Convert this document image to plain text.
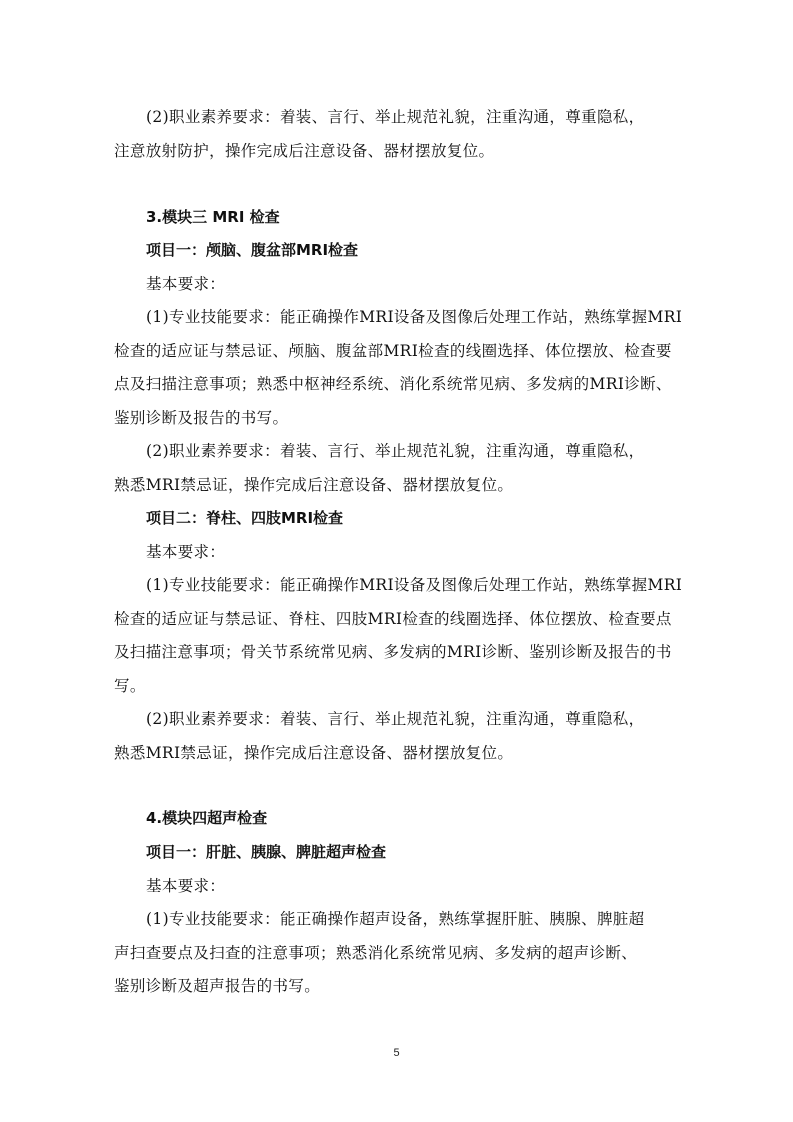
(2)职业素养要求：着装、言行、举止规范礼貌，注重沟通，尊重隐私，
注意放射防护，操作完成后注意设备、器材摆放复位。
3.模块三 MRI 检查
项目一：颅脑、腹盆部MRI检查
基本要求：
(1)专业技能要求：能正确操作MRI设备及图像后处理工作站，熟练掌握MRI
检查的适应证与禁忌证、颅脑、腹盆部MRI检查的线圈选择、体位摆放、检查要
点及扫描注意事项；熟悉中枢神经系统、消化系统常见病、多发病的MRI诊断、
鉴别诊断及报告的书写。
(2)职业素养要求：着装、言行、举止规范礼貌，注重沟通，尊重隐私，
熟悉MRI禁忌证，操作完成后注意设备、器材摆放复位。
项目二：脊柱、四肢MRI检查
基本要求：
(1)专业技能要求：能正确操作MRI设备及图像后处理工作站，熟练掌握MRI
检查的适应证与禁忌证、脊柱、四肢MRI检查的线圈选择、体位摆放、检查要点
及扫描注意事项；骨关节系统常见病、多发病的MRI诊断、鉴别诊断及报告的书
写。
(2)职业素养要求：着装、言行、举止规范礼貌，注重沟通，尊重隐私，
熟悉MRI禁忌证，操作完成后注意设备、器材摆放复位。
4.模块四超声检查
项目一：肝脏、胰腺、脾脏超声检查
基本要求：
(1)专业技能要求：能正确操作超声设备，熟练掌握肝脏、胰腺、脾脏超
声扫查要点及扫查的注意事项；熟悉消化系统常见病、多发病的超声诊断、
鉴别诊断及超声报告的书写。
5
